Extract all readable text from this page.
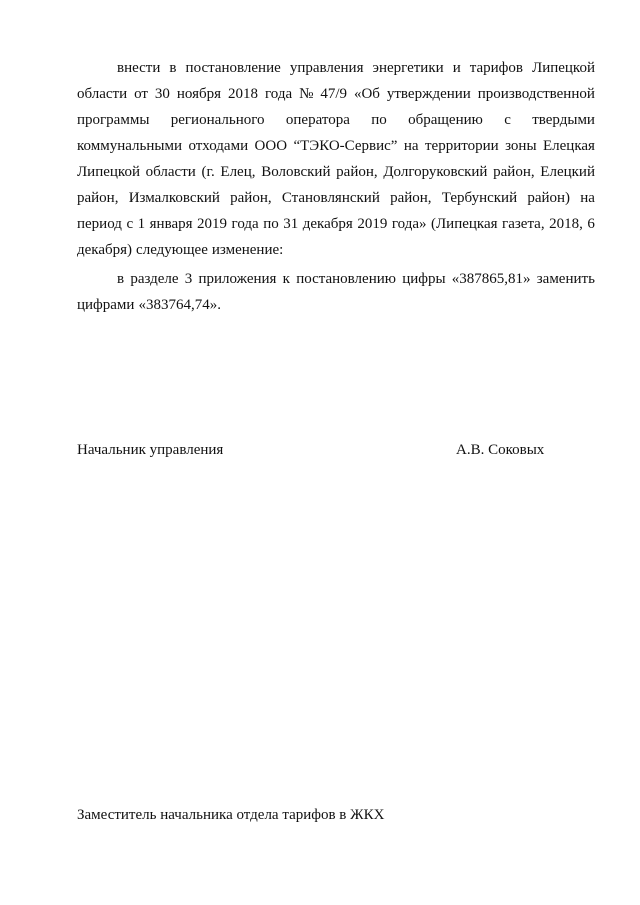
внести в постановление управления энергетики и тарифов Липецкой
области от 30 ноября 2018 года № 47/9 «Об утверждении производственной
программы регионального оператора по обращению с твердыми
коммунальными отходами ООО “ТЭКО-Сервис” на территории зоны Елецкая
Липецкой области (г. Елец, Воловский район, Долгоруковский район, Елецкий
район, Измалковский район, Становлянский район, Тербунский район) на
период с 1 января 2019 года по 31 декабря 2019 года» (Липецкая газета, 2018, 6
декабря) следующее изменение:
в разделе 3 приложения к постановлению цифры «387865,81» заменить
цифрами «383764,74».
Начальник управления	А.В. Соковых
Заместитель начальника отдела тарифов в ЖКХ
